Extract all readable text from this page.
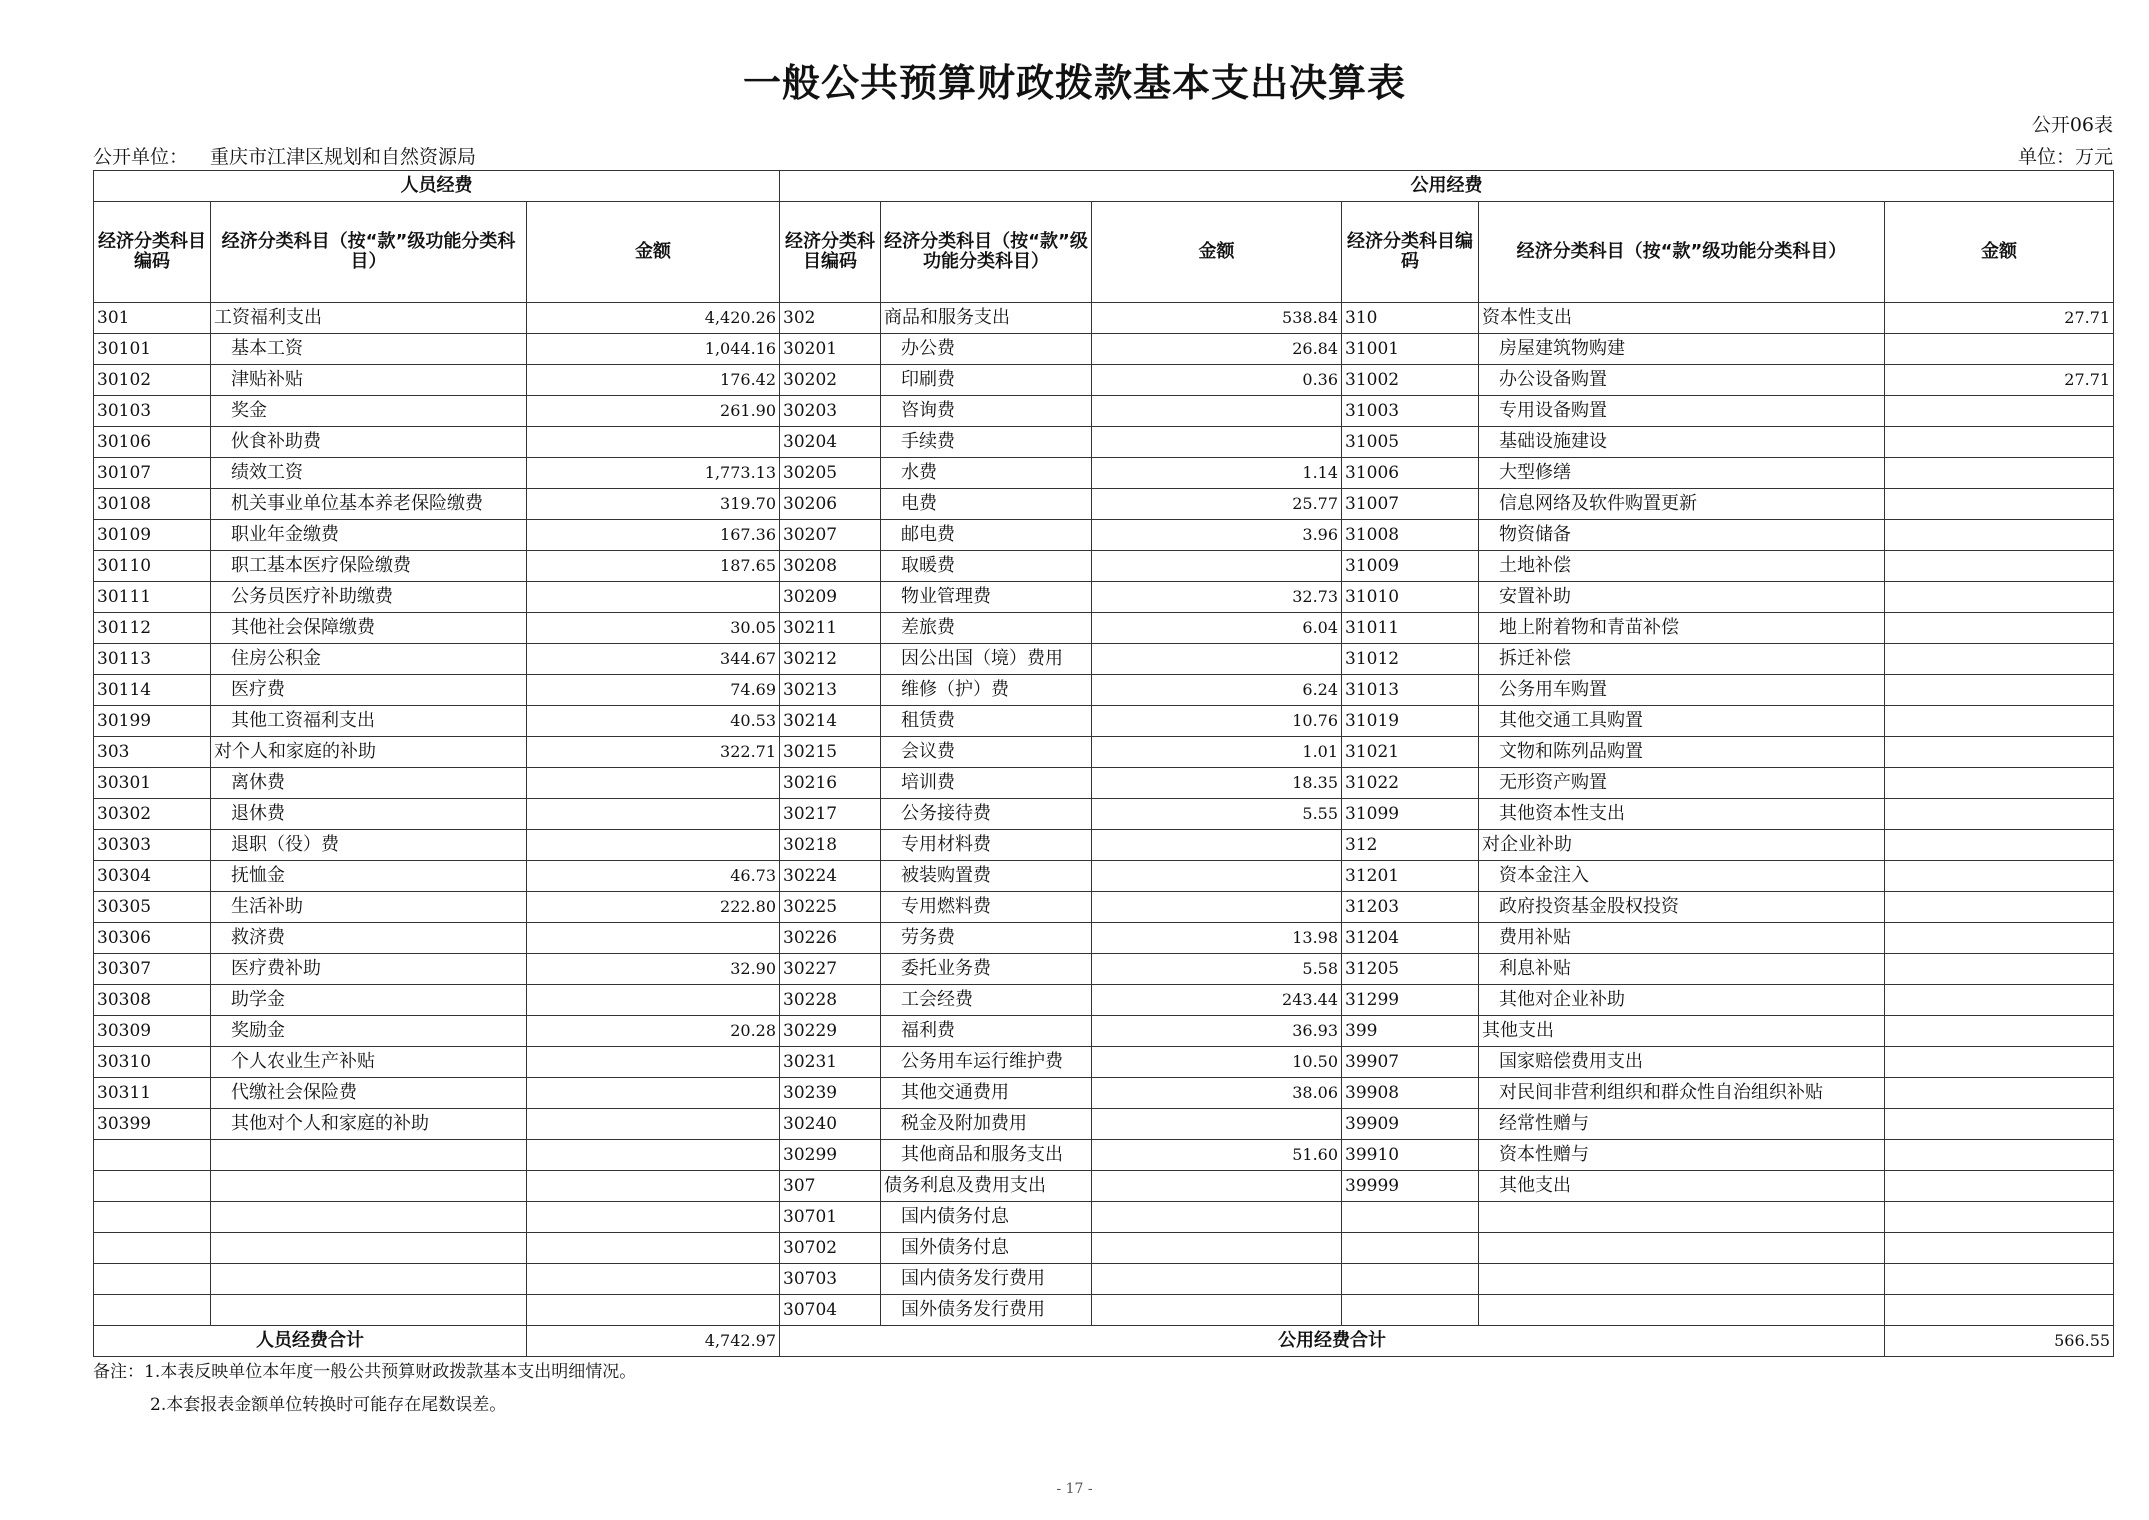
一般公共预算财政拨款基本支出决算表
公开06表
公开单位： 重庆市江津区规划和自然资源局	单位：万元
人员经费			公用经费					
经济分类科目编码	经济分类科目（按“款”级功能分类科目）	金额	经济分类科目编码	经济分类科目（按“款”级功能分类科目）	金额	经济分类科目编码	经济分类科目（按“款”级功能分类科目）	金额
301	工资福利支出	4,420.26	302	商品和服务支出	538.84	310	资本性支出	27.71
30101	基本工资	1,044.16	30201	办公费	26.84	31001	房屋建筑物购建	
30102	津贴补贴	176.42	30202	印刷费	0.36	31002	办公设备购置	27.71
30103	奖金	261.90	30203	咨询费		31003	专用设备购置	
30106	伙食补助费		30204	手续费		31005	基础设施建设	
30107	绩效工资	1,773.13	30205	水费	1.14	31006	大型修缮	
30108	机关事业单位基本养老保险缴费	319.70	30206	电费	25.77	31007	信息网络及软件购置更新	
30109	职业年金缴费	167.36	30207	邮电费	3.96	31008	物资储备	
30110	职工基本医疗保险缴费	187.65	30208	取暖费		31009	土地补偿	
30111	公务员医疗补助缴费		30209	物业管理费	32.73	31010	安置补助	
30112	其他社会保障缴费	30.05	30211	差旅费	6.04	31011	地上附着物和青苗补偿	
30113	住房公积金	344.67	30212	因公出国（境）费用		31012	拆迁补偿	
30114	医疗费	74.69	30213	维修（护）费	6.24	31013	公务用车购置	
30199	其他工资福利支出	40.53	30214	租赁费	10.76	31019	其他交通工具购置	
303	对个人和家庭的补助	322.71	30215	会议费	1.01	31021	文物和陈列品购置	
30301	离休费		30216	培训费	18.35	31022	无形资产购置	
30302	退休费		30217	公务接待费	5.55	31099	其他资本性支出	
30303	退职（役）费		30218	专用材料费		312	对企业补助	
30304	抚恤金	46.73	30224	被装购置费		31201	资本金注入	
30305	生活补助	222.80	30225	专用燃料费		31203	政府投资基金股权投资	
30306	救济费		30226	劳务费	13.98	31204	费用补贴	
30307	医疗费补助	32.90	30227	委托业务费	5.58	31205	利息补贴	
30308	助学金		30228	工会经费	243.44	31299	其他对企业补助	
30309	奖励金	20.28	30229	福利费	36.93	399	其他支出	
30310	个人农业生产补贴		30231	公务用车运行维护费	10.50	39907	国家赔偿费用支出	
30311	代缴社会保险费		30239	其他交通费用	38.06	39908	对民间非营利组织和群众性自治组织补贴	
30399	其他对个人和家庭的补助		30240	税金及附加费用		39909	经常性赠与	
			30299	其他商品和服务支出	51.60	39910	资本性赠与	
			307	债务利息及费用支出		39999	其他支出	
			30701	国内债务付息				
			30702	国外债务付息				
			30703	国内债务发行费用				
			30704	国外债务发行费用				
人员经费合计		4,742.97	公用经费合计					566.55
备注：1.本表反映单位本年度一般公共预算财政拨款基本支出明细情况。
2.本套报表金额单位转换时可能存在尾数误差。
- 17 -
